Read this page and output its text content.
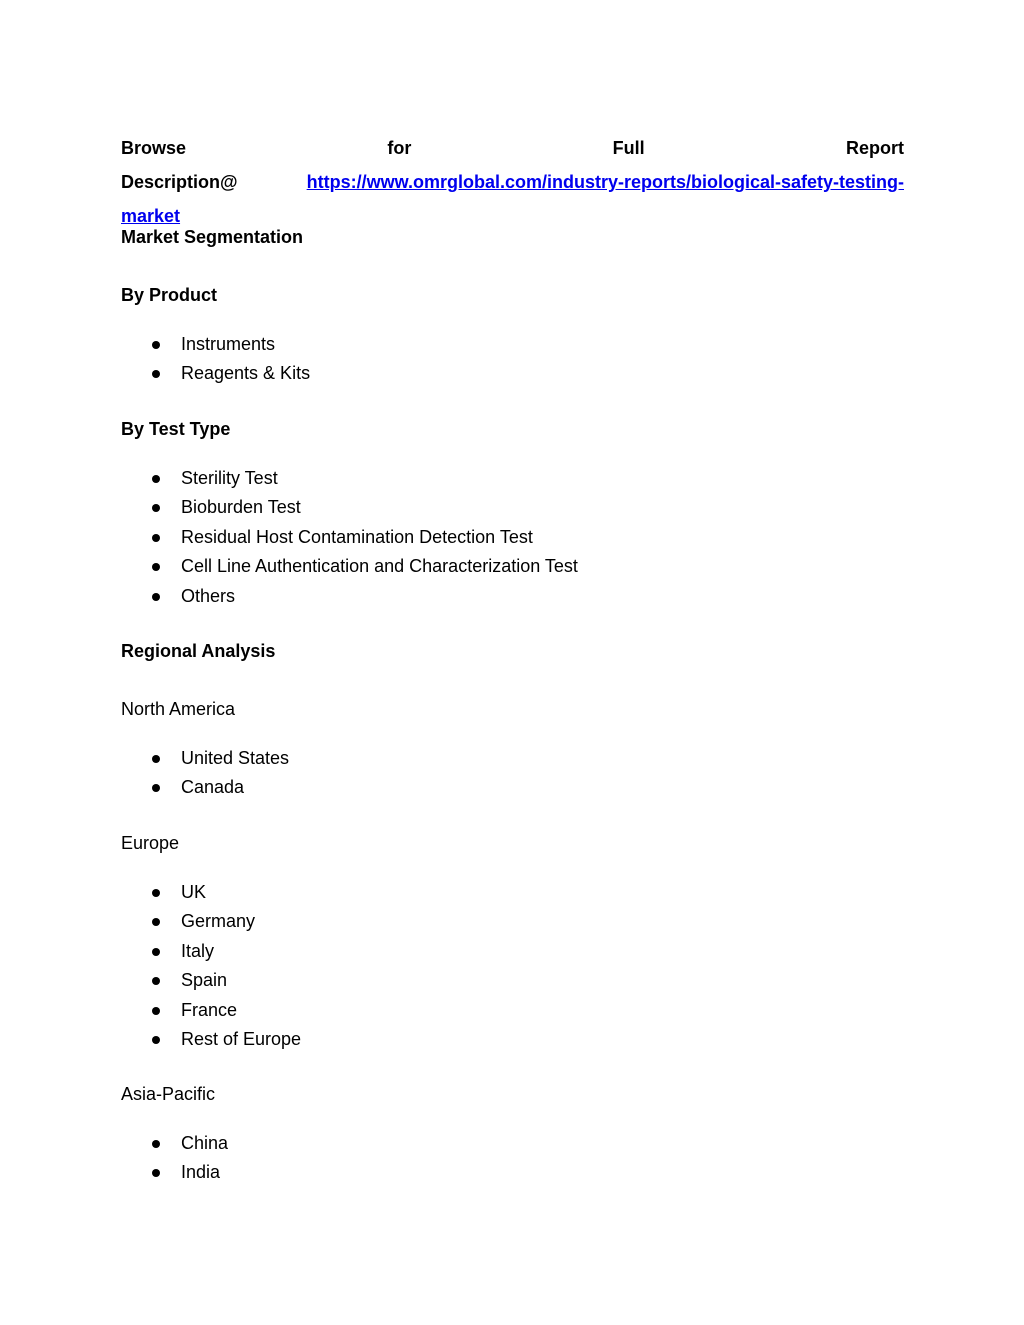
Browse for Full Report Description@	https://www.omrglobal.com/industry-reports/biological-safety-testing-market

Market Segmentation

By Product

Instruments
Reagents & Kits

By Test Type

Sterility Test
Bioburden Test
Residual Host Contamination Detection Test
Cell Line Authentication and Characterization Test
Others

Regional Analysis

North America

United States
Canada

Europe

UK
Germany
Italy
Spain
France
Rest of Europe

Asia-Pacific

China
India
